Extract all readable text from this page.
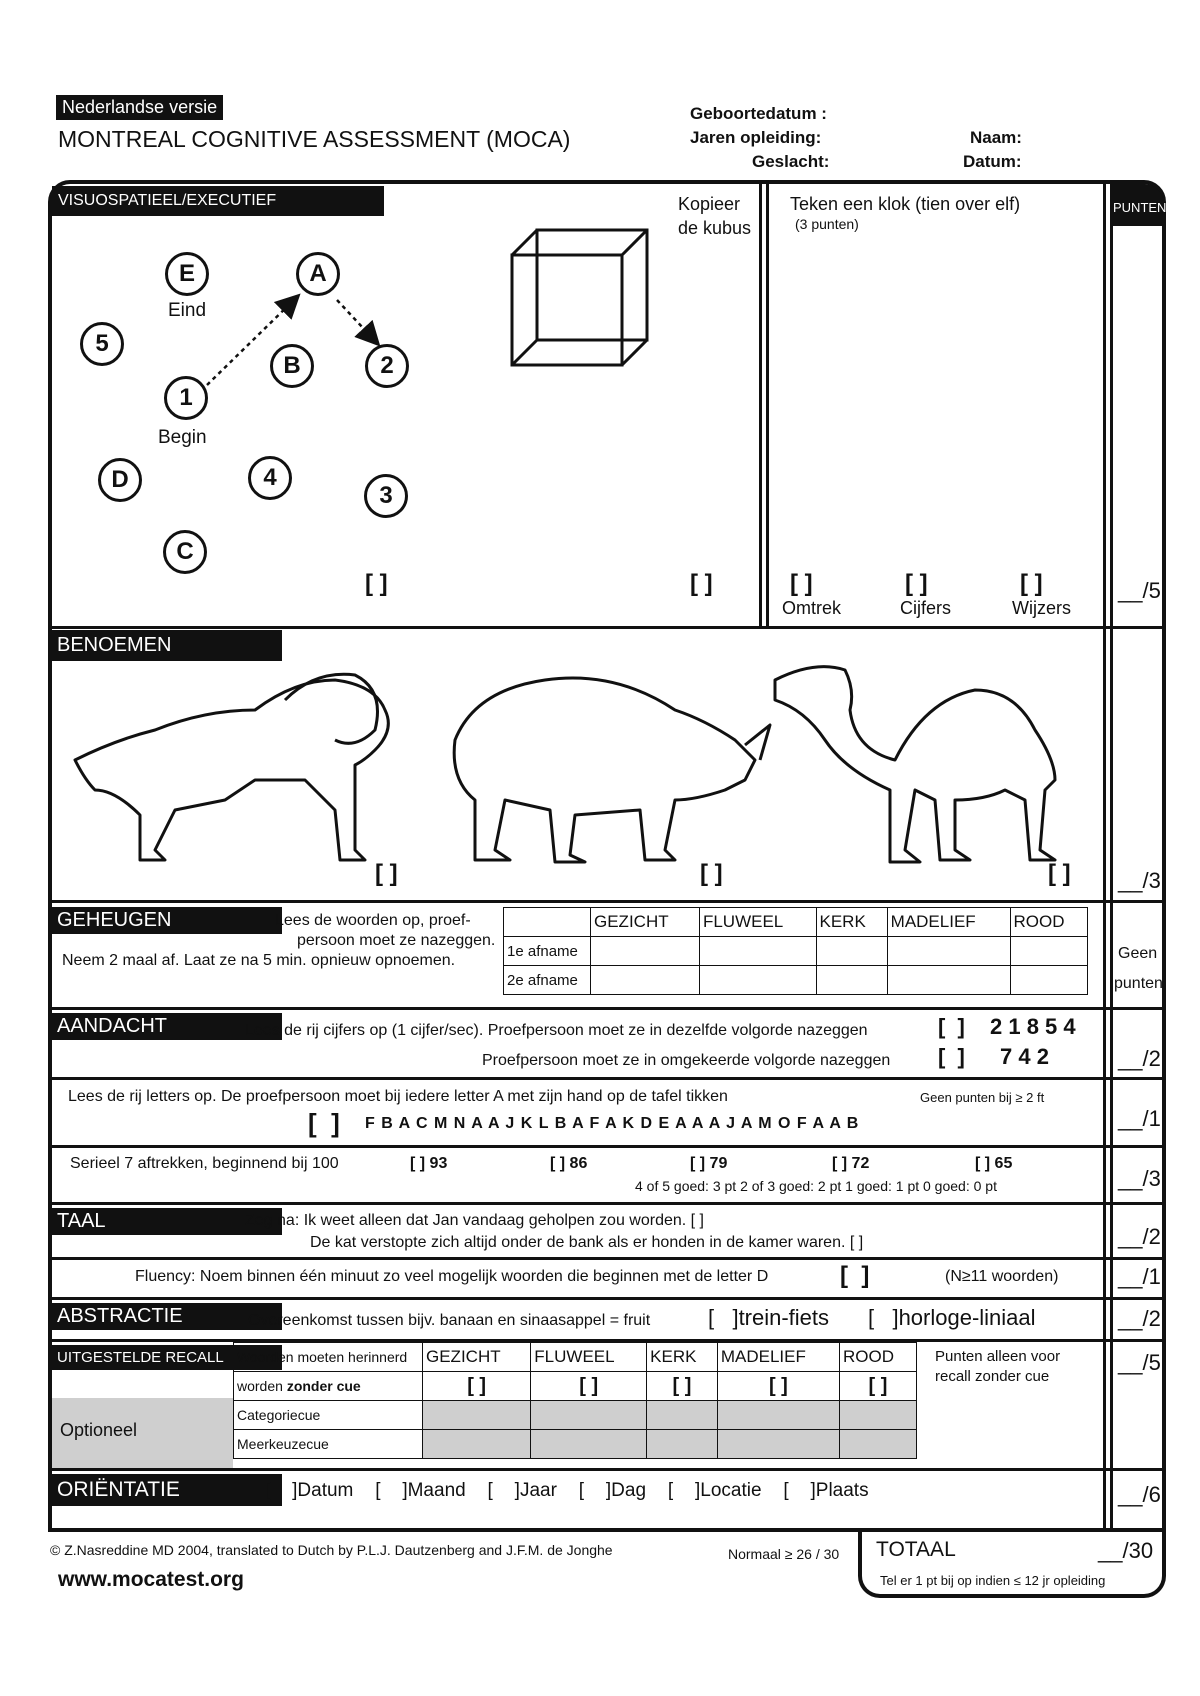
Nederlandse versie
MONTREAL COGNITIVE ASSESSMENT (MOCA)
Geboortedatum :
Jaren opleiding:
Geslacht:
Naam:
Datum:
PUNTEN
VISUOSPATIEEL/EXECUTIEF
E	A
5
B	2
1
D	4
3
C
Eind
Begin
Kopieer
de kubus
Teken een klok (tien over elf)
(3 punten)
[ ]	[ ]	[ ]	[ ]	[ ]
Omtrek	Cijfers	Wijzers
__/5
BENOEMEN
[ ]	[ ]	[ ] __/3
GEHEUGEN	Lees de woorden op, proef-
persoon moet ze nazeggen.
Neem 2 maal af. Laat ze na 5 min. opnieuw opnoemen.
	GEZICHT	FLUWEEL	KERK	MADELIEF	ROOD
1e afname					
2e afname					
Geen
punten
AANDACHT	Lees de rij cijfers op (1 cijfer/sec). Proefpersoon moet ze in dezelfde volgorde nazeggen	[  ] 2 1 8 5 4
Proefpersoon moet ze in omgekeerde volgorde nazeggen [  ] 7 4 2	__/2
Lees de rij letters op. De proefpersoon moet bij iedere letter A met zijn hand op de tafel tikken	Geen punten bij ≥ 2 ft
[  ] F B A C M N A A J K L B A F A K D E A A A J A M O F A A B	__/1
Serieel 7 aftrekken, beginnend bij 100	[ ] 93	[ ] 86	[ ] 79	[ ] 72	[ ] 65
4 of 5 goed: 3 pt 2 of 3 goed: 2 pt 1 goed: 1 pt 0 goed: 0 pt	__/3
TAAL	Zeg na: Ik weet alleen dat Jan vandaag geholpen zou worden. [ ]
De kat verstopte zich altijd onder de bank als er honden in de kamer waren. [ ]	__/2
Fluency: Noem binnen één minuut zo veel mogelijk woorden die beginnen met de letter D	[  ]	(N≥11 woorden)	__/1
ABSTRACTIE	Overeenkomst tussen bijv. banaan en sinaasappel = fruit	[   ]trein-fiets [   ]horloge-liniaal	__/2
UITGESTELDE RECALL
Optioneel
Woorden moeten herinnerd	GEZICHT	FLUWEEL	KERK	MADELIEF	ROOD
worden zonder cue	[ ]	[ ]	[ ]	[ ]	[ ]
Categoriecue					
Meerkeuzecue					
Punten alleen voor
recall zonder cue
__/5
ORIËNTATIE	[   ]Datum   [   ]Maand   [   ]Jaar   [   ]Dag   [   ]Locatie   [   ]Plaats	__/6
© Z.Nasreddine MD 2004, translated to Dutch by P.L.J. Dautzenberg and J.F.M. de Jonghe	Normaal ≥ 26 / 30
www.mocatest.org
TOTAAL	__/30
Tel er 1 pt bij op indien ≤ 12 jr opleiding
